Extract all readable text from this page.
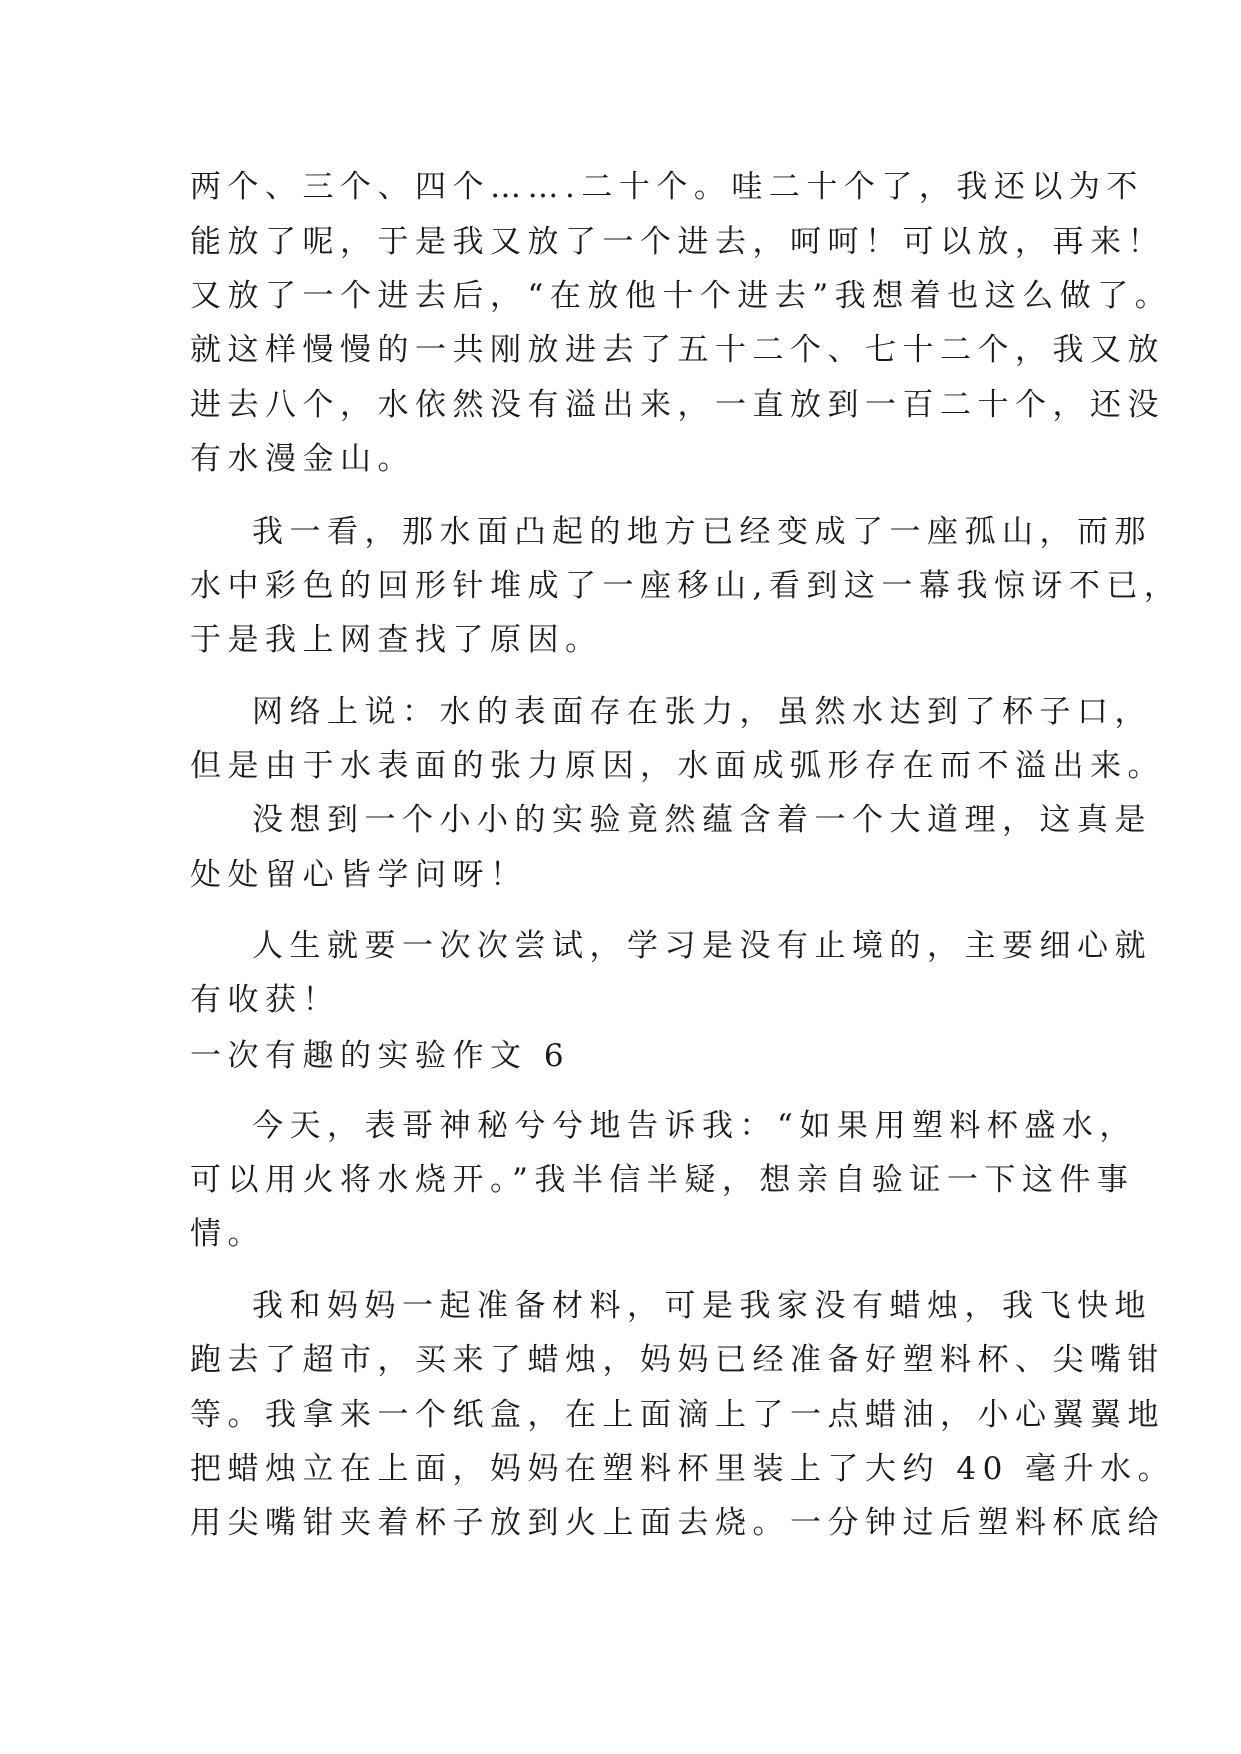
两个、三个、四个…….二十个。哇二十个了，我还以为不
能放了呢，于是我又放了一个进去，呵呵！可以放，再来！
又放了一个进去后，“在放他十个进去”我想着也这么做了。
就这样慢慢的一共刚放进去了五十二个、七十二个，我又放
进去八个，水依然没有溢出来，一直放到一百二十个，还没
有水漫金山。
我一看，那水面凸起的地方已经变成了一座孤山，而那
水中彩色的回形针堆成了一座移山,看到这一幕我惊讶不已，
于是我上网查找了原因。
网络上说：水的表面存在张力，虽然水达到了杯子口，
但是由于水表面的张力原因，水面成弧形存在而不溢出来。
没想到一个小小的实验竟然蕴含着一个大道理，这真是
处处留心皆学问呀！
人生就要一次次尝试，学习是没有止境的，主要细心就
有收获！
一次有趣的实验作文 6
今天，表哥神秘兮兮地告诉我：“如果用塑料杯盛水，
可以用火将水烧开。”我半信半疑，想亲自验证一下这件事
情。
我和妈妈一起准备材料，可是我家没有蜡烛，我飞快地
跑去了超市，买来了蜡烛，妈妈已经准备好塑料杯、尖嘴钳
等。我拿来一个纸盒，在上面滴上了一点蜡油，小心翼翼地
把蜡烛立在上面，妈妈在塑料杯里装上了大约 40 毫升水。
用尖嘴钳夹着杯子放到火上面去烧。一分钟过后塑料杯底给
